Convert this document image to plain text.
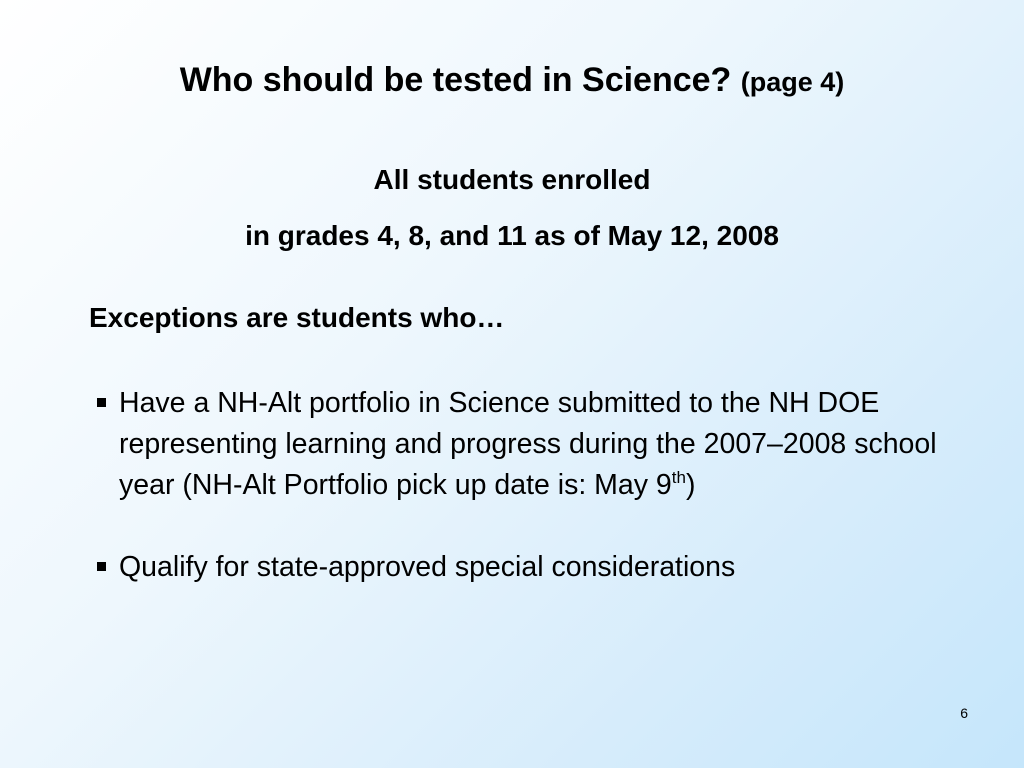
Who should be tested in Science? (page 4)
All students enrolled
in grades 4, 8, and 11 as of May 12, 2008
Exceptions are students who…
Have a NH-Alt portfolio in Science submitted to the NH DOE representing learning and progress during the 2007–2008 school year (NH-Alt Portfolio pick up date is: May 9th)
Qualify for state-approved special considerations
6
